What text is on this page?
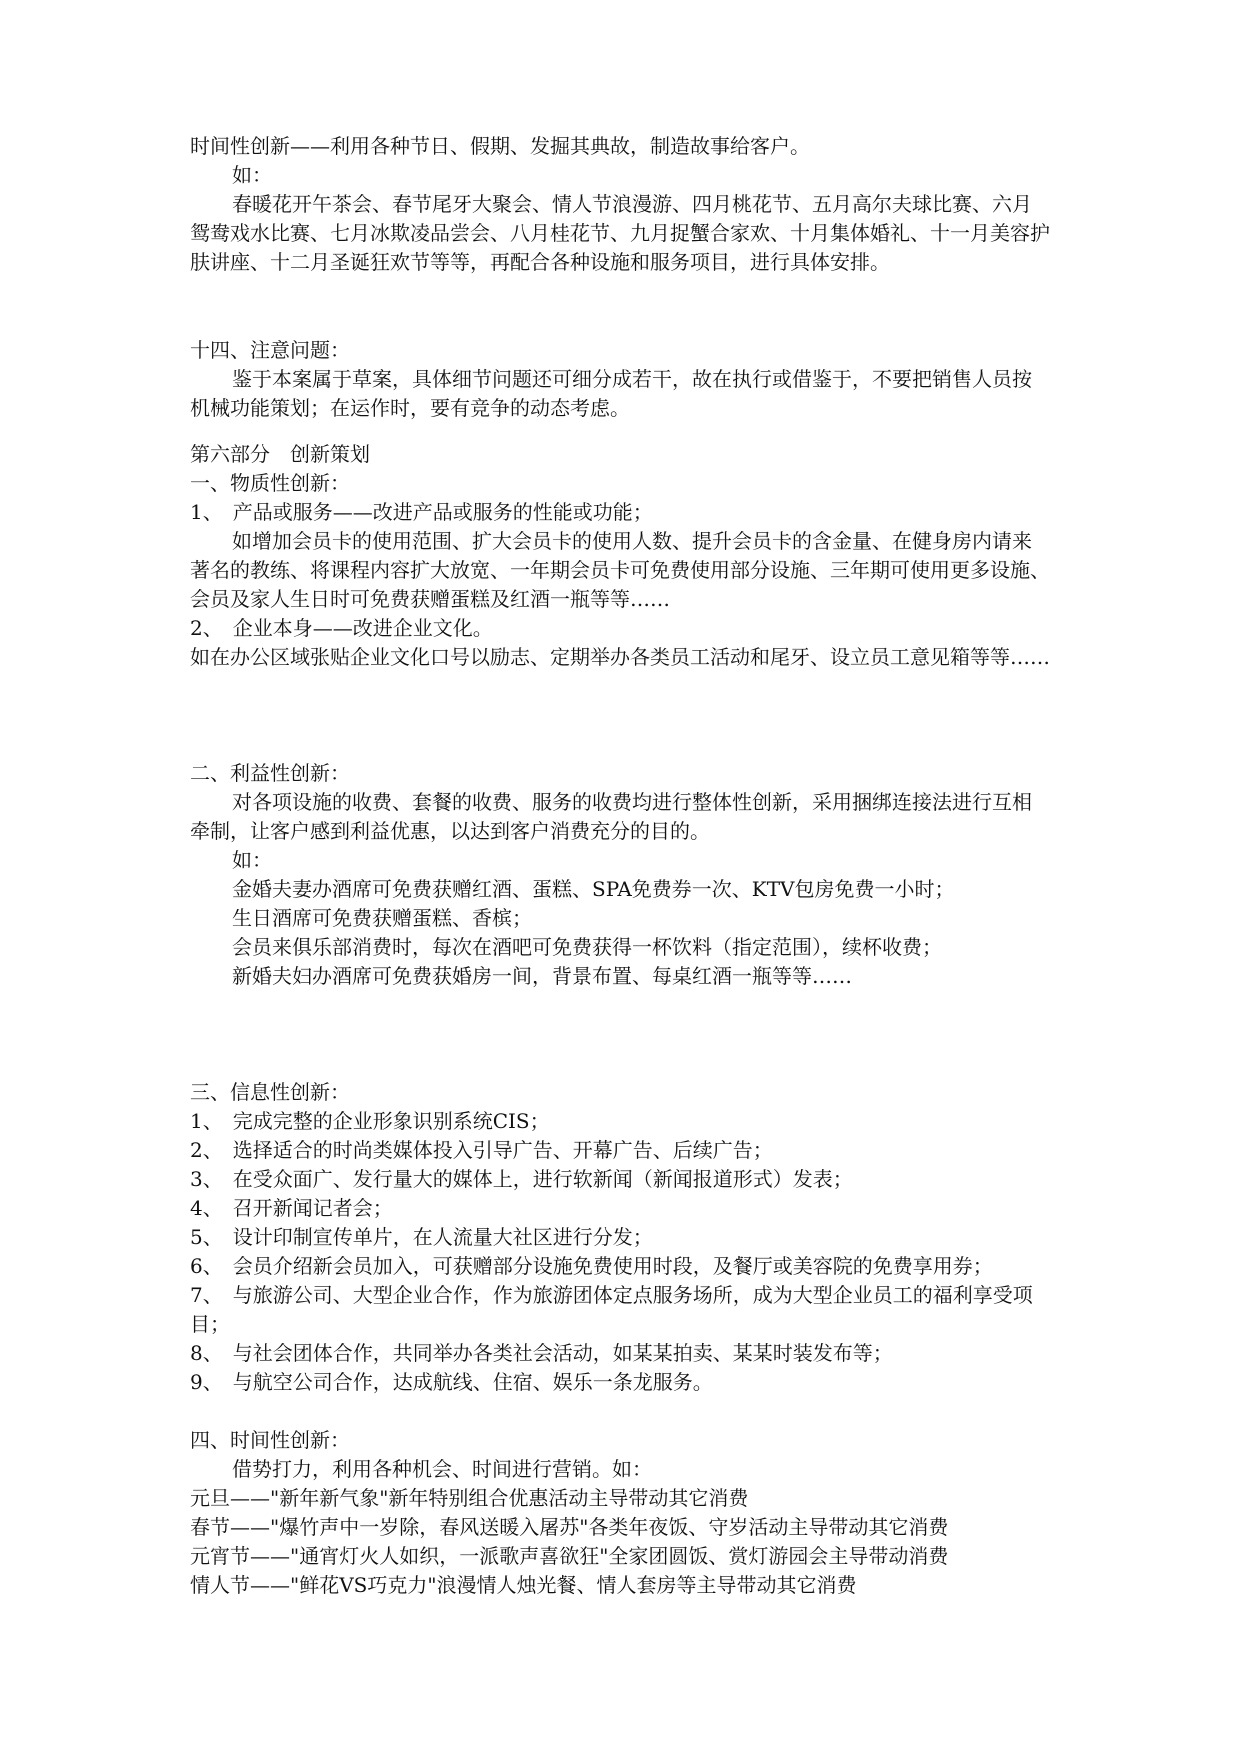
时间性创新——利用各种节日、假期、发掘其典故，制造故事给客户。

如：

春暖花开午茶会、春节尾牙大聚会、情人节浪漫游、四月桃花节、五月高尔夫球比赛、六月鸳鸯戏水比赛、七月冰欺凌品尝会、八月桂花节、九月捉蟹合家欢、十月集体婚礼、十一月美容护肤讲座、十二月圣诞狂欢节等等，再配合各种设施和服务项目，进行具体安排。

十四、注意问题：

鉴于本案属于草案，具体细节问题还可细分成若干，故在执行或借鉴于，不要把销售人员按机械功能策划；在运作时，要有竞争的动态考虑。

第六部分　创新策划

一、物质性创新：

1、　产品或服务——改进产品或服务的性能或功能；

如增加会员卡的使用范围、扩大会员卡的使用人数、提升会员卡的含金量、在健身房内请来著名的教练、将课程内容扩大放宽、一年期会员卡可免费使用部分设施、三年期可使用更多设施、会员及家人生日时可免费获赠蛋糕及红酒一瓶等等……

2、　企业本身——改进企业文化。

如在办公区域张贴企业文化口号以励志、定期举办各类员工活动和尾牙、设立员工意见箱等等……

二、利益性创新：

对各项设施的收费、套餐的收费、服务的收费均进行整体性创新，采用捆绑连接法进行互相牵制，让客户感到利益优惠，以达到客户消费充分的目的。

如：

金婚夫妻办酒席可免费获赠红酒、蛋糕、SPA免费券一次、KTV包房免费一小时；

生日酒席可免费获赠蛋糕、香槟；

会员来俱乐部消费时，每次在酒吧可免费获得一杯饮料（指定范围），续杯收费；

新婚夫妇办酒席可免费获婚房一间，背景布置、每桌红酒一瓶等等……

三、信息性创新：

1、　完成完整的企业形象识别系统CIS；

2、　选择适合的时尚类媒体投入引导广告、开幕广告、后续广告；

3、　在受众面广、发行量大的媒体上，进行软新闻（新闻报道形式）发表；

4、　召开新闻记者会；

5、　设计印制宣传单片，在人流量大社区进行分发；

6、　会员介绍新会员加入，可获赠部分设施免费使用时段，及餐厅或美容院的免费享用券；

7、　与旅游公司、大型企业合作，作为旅游团体定点服务场所，成为大型企业员工的福利享受项目；

8、　与社会团体合作，共同举办各类社会活动，如某某拍卖、某某时装发布等；

9、　与航空公司合作，达成航线、住宿、娱乐一条龙服务。

四、时间性创新：

借势打力，利用各种机会、时间进行营销。如：

元旦——"新年新气象"新年特别组合优惠活动主导带动其它消费

春节——"爆竹声中一岁除，春风送暖入屠苏"各类年夜饭、守岁活动主导带动其它消费

元宵节——"通宵灯火人如织，一派歌声喜欲狂"全家团圆饭、赏灯游园会主导带动消费

情人节——"鲜花VS巧克力"浪漫情人烛光餐、情人套房等主导带动其它消费
